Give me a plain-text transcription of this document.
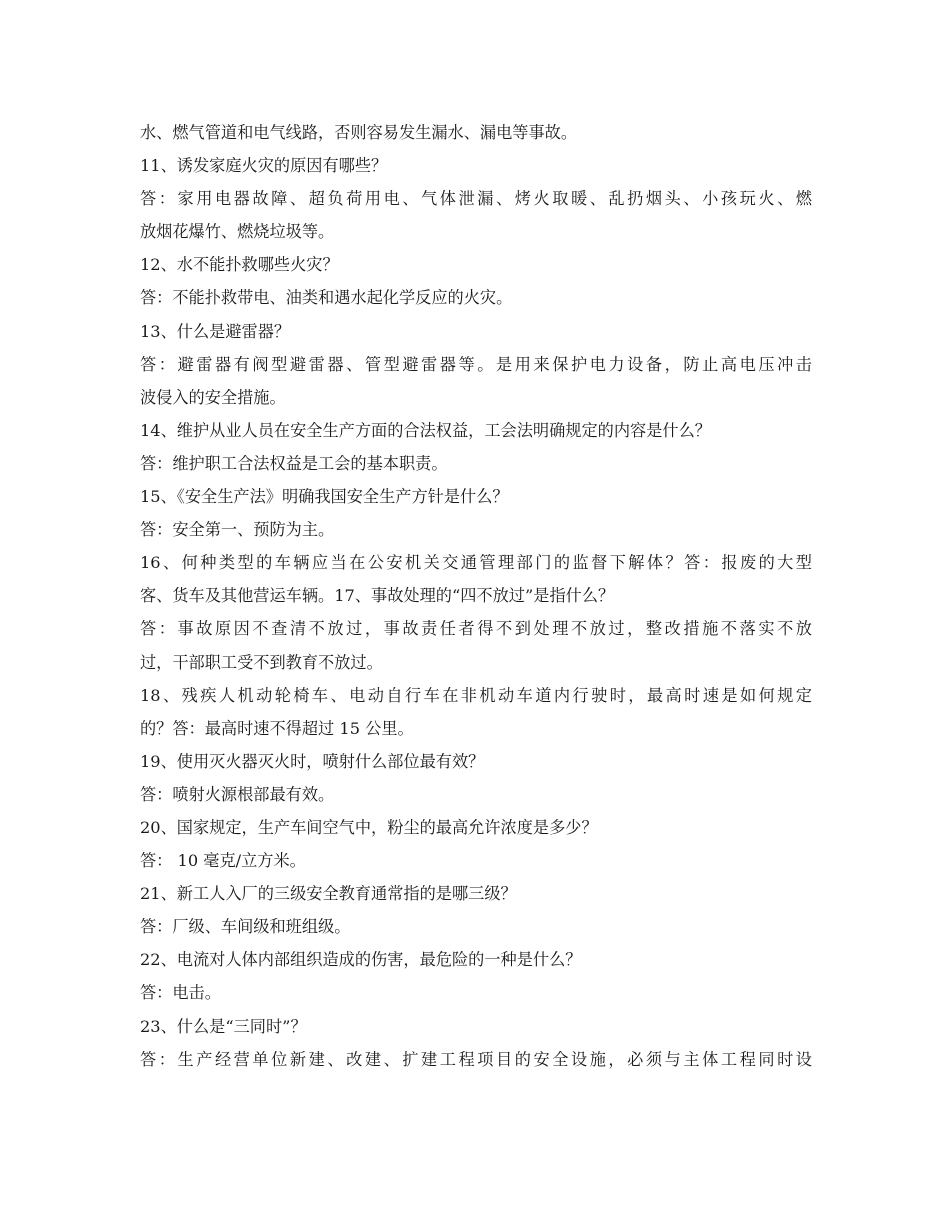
水、燃气管道和电气线路，否则容易发生漏水、漏电等事故。
11、诱发家庭火灾的原因有哪些？
答：家用电器故障、超负荷用电、气体泄漏、烤火取暖、乱扔烟头、小孩玩火、燃
放烟花爆竹、燃烧垃圾等。
12、水不能扑救哪些火灾？
答：不能扑救带电、油类和遇水起化学反应的火灾。
13、什么是避雷器？
答：避雷器有阀型避雷器、管型避雷器等。是用来保护电力设备，防止高电压冲击
波侵入的安全措施。
14、维护从业人员在安全生产方面的合法权益，工会法明确规定的内容是什么？
答：维护职工合法权益是工会的基本职责。
15、《安全生产法》明确我国安全生产方针是什么？
答：安全第一、预防为主。
16、何种类型的车辆应当在公安机关交通管理部门的监督下解体？答：报废的大型
客、货车及其他营运车辆。17、事故处理的“四不放过”是指什么？
答：事故原因不查清不放过，事故责任者得不到处理不放过，整改措施不落实不放
过，干部职工受不到教育不放过。
18、残疾人机动轮椅车、电动自行车在非机动车道内行驶时，最高时速是如何规定
的？答：最高时速不得超过 15 公里。
19、使用灭火器灭火时，喷射什么部位最有效？
答：喷射火源根部最有效。
20、国家规定，生产车间空气中，粉尘的最高允许浓度是多少？
答： 10 毫克/立方米。
21、新工人入厂的三级安全教育通常指的是哪三级？
答：厂级、车间级和班组级。
22、电流对人体内部组织造成的伤害，最危险的一种是什么？
答：电击。
23、什么是“三同时”？
答：生产经营单位新建、改建、扩建工程项目的安全设施，必须与主体工程同时设
